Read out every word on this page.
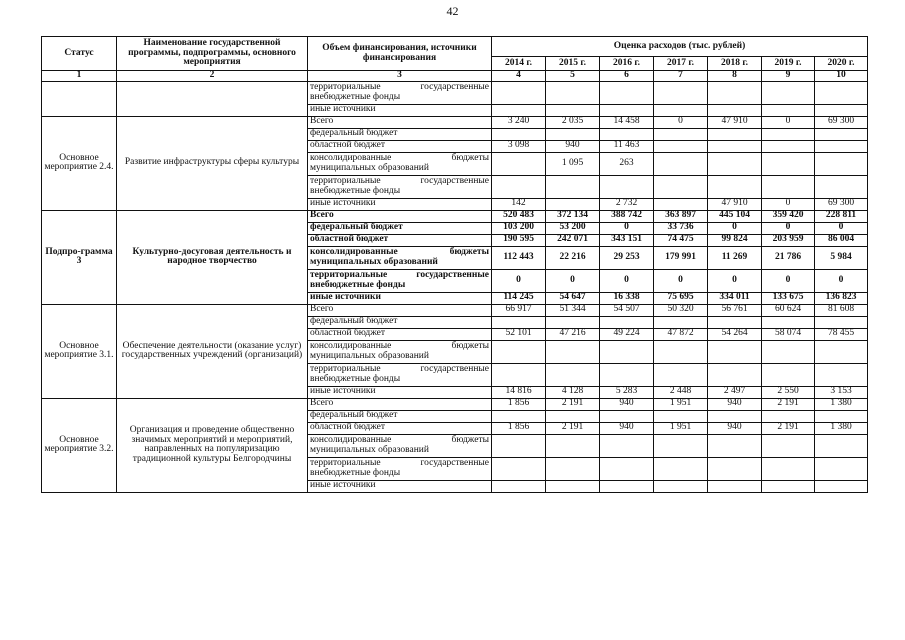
42
Статус	Наименование государственной программы, подпрограммы, основного мероприятия	Объем финансирования, источники финансирования	Оценка расходов (тыс. рублей)						
			2014 г.	2015 г.	2016 г.	2017 г.	2018 г.	2019 г.	2020 г.
1	2	3	4	5	6	7	8	9	10
		территориальные государственные внебюджетные фонды							
		иные источники							
Основное мероприятие 2.4.	Развитие инфраструктуры сферы культуры	Всего	3 240	2 035	14 458	0	47 910	0	69 300
		федеральный бюджет							
		областной бюджет	3 098	940	11 463				
		консолидированные бюджеты муниципальных образований		1 095	263				
		территориальные государственные внебюджетные фонды							
		иные источники	142		2 732		47 910	0	69 300
Подпро-грамма 3	Культурно-досуговая деятельность и народное творчество	Всего	520 483	372 134	388 742	363 897	445 104	359 420	228 811
		федеральный бюджет	103 200	53 200	0	33 736	0	0	0
		областной бюджет	190 595	242 071	343 151	74 475	99 824	203 959	86 004
		консолидированные бюджеты муниципальных образований	112 443	22 216	29 253	179 991	11 269	21 786	5 984
		территориальные государственные внебюджетные фонды	0	0	0	0	0	0	0
		иные источники	114 245	54 647	16 338	75 695	334 011	133 675	136 823
Основное мероприятие 3.1.	Обеспечение деятельности (оказание услуг) государственных учреждений (организаций)	Всего	66 917	51 344	54 507	50 320	56 761	60 624	81 608
		федеральный бюджет							
		областной бюджет	52 101	47 216	49 224	47 872	54 264	58 074	78 455
		консолидированные бюджеты муниципальных образований							
		территориальные государственные внебюджетные фонды							
		иные источники	14 816	4 128	5 283	2 448	2 497	2 550	3 153
Основное мероприятие 3.2.	Организация и проведение общественно значимых мероприятий и мероприятий, направленных на популяризацию традиционной культуры Белгородчины	Всего	1 856	2 191	940	1 951	940	2 191	1 380
		федеральный бюджет							
		областной бюджет	1 856	2 191	940	1 951	940	2 191	1 380
		консолидированные бюджеты муниципальных образований							
		территориальные государственные внебюджетные фонды							
		иные источники							
